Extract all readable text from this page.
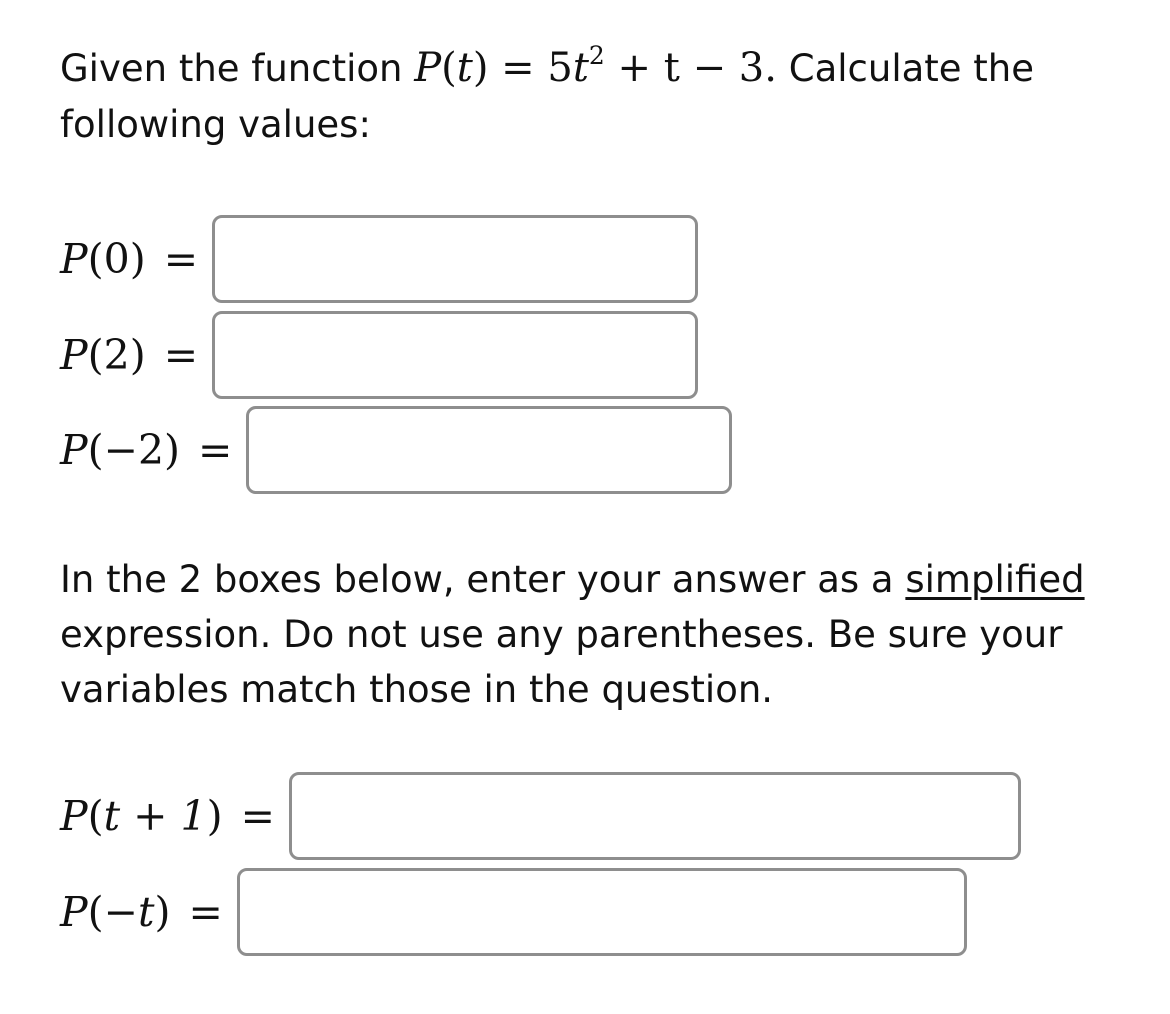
Given the function $P(t) = 5t^2 + t - 3$. Calculate the following values:

P(0) =
P(2) =
P(−2) =

In the 2 boxes below, enter your answer as a simplified expression. Do not use any parentheses. Be sure your variables match those in the question.

P(t + 1) =
P(−t) =
